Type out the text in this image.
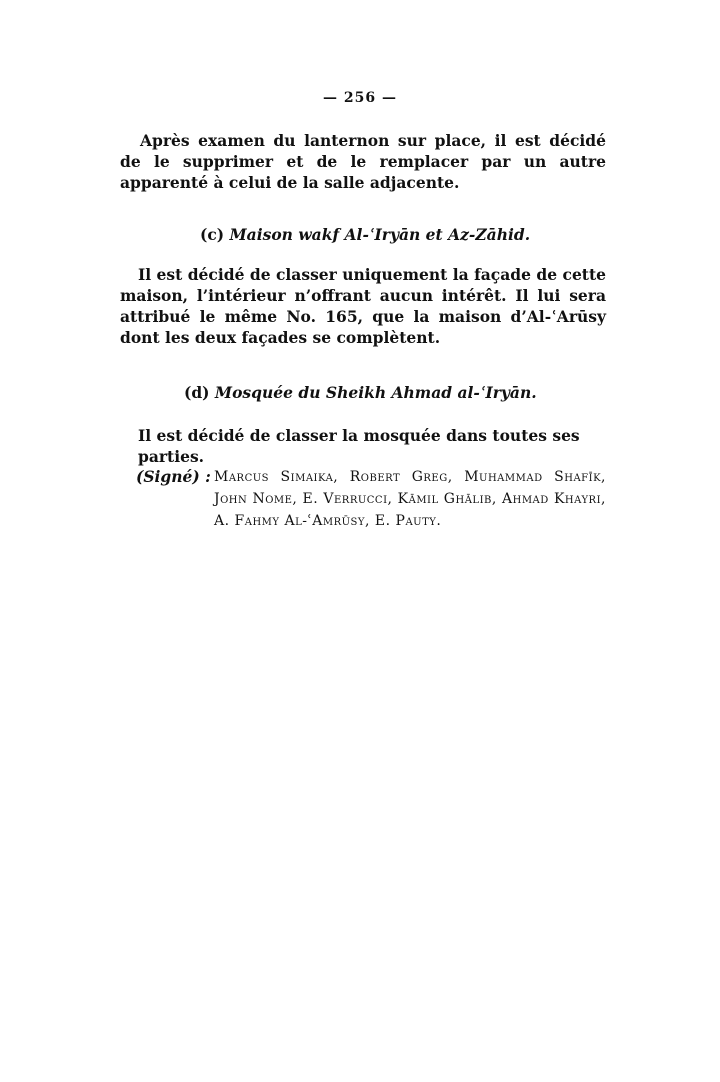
— 256 —

Après examen du lanternon sur place, il est décidé de le supprimer et de le remplacer par un autre apparenté à celui de la salle adjacente.

(c) Maison wakf Al-ʿIryān et Az-Zāhid.

Il est décidé de classer uniquement la façade de cette maison, l’intérieur n’offrant aucun intérêt. Il lui sera attribué le même No. 165, que la maison d’Al-ʿArūsy dont les deux façades se complètent.

(d) Mosquée du Sheikh Ahmad al-ʿIryān.

Il est décidé de classer la mosquée dans toutes ses parties.

(Signé) : Marcus Simaika, Robert Greg, Muhammad Shafīk, John Nome, E. Verrucci, Kāmil Ghālib, Ahmad Khayri, A. Fahmy Al-ʿAmrūsy, E. Pauty.
